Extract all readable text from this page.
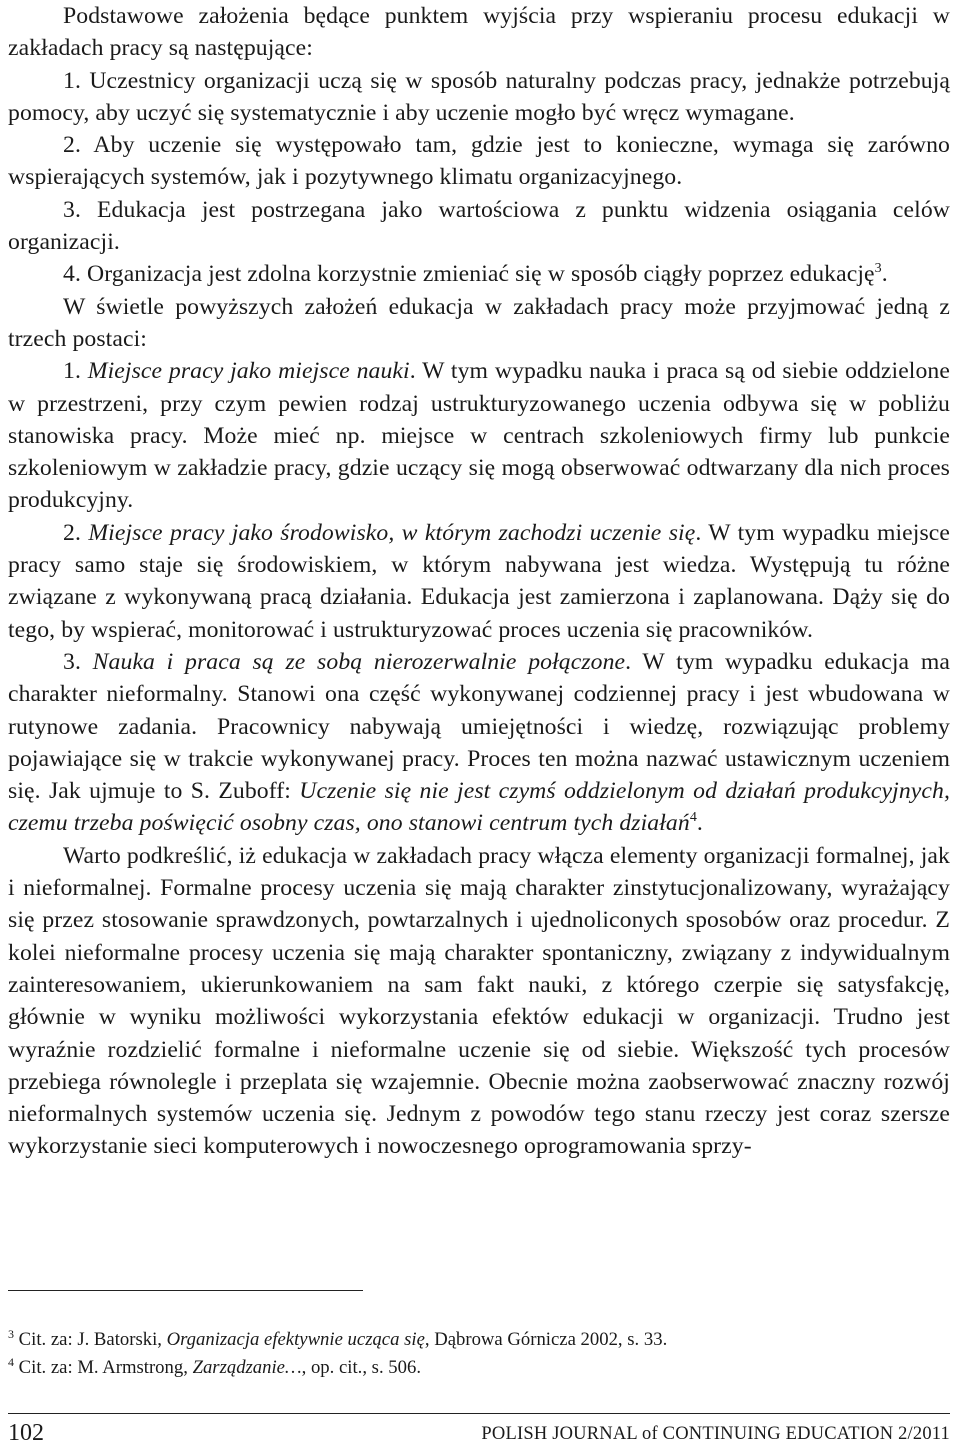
Podstawowe założenia będące punktem wyjścia przy wspieraniu procesu edukacji w zakładach pracy są następujące:

1. Uczestnicy organizacji uczą się w sposób naturalny podczas pracy, jednakże potrzebują pomocy, aby uczyć się systematycznie i aby uczenie mogło być wręcz wymagane.

2. Aby uczenie się występowało tam, gdzie jest to konieczne, wymaga się zarówno wspierających systemów, jak i pozytywnego klimatu organizacyjnego.

3. Edukacja jest postrzegana jako wartościowa z punktu widzenia osiągania celów organizacji.

4. Organizacja jest zdolna korzystnie zmieniać się w sposób ciągły poprzez edukację$^3$.

W świetle powyższych założeń edukacja w zakładach pracy może przyjmować jedną z trzech postaci:

1. Miejsce pracy jako miejsce nauki. W tym wypadku nauka i praca są od siebie oddzielone w przestrzeni, przy czym pewien rodzaj ustrukturyzowanego uczenia odbywa się w pobliżu stanowiska pracy. Może mieć np. miejsce w centrach szkoleniowych firmy lub punkcie szkoleniowym w zakładzie pracy, gdzie uczący się mogą obserwować odtwarzany dla nich proces produkcyjny.

2. Miejsce pracy jako środowisko, w którym zachodzi uczenie się. W tym wypadku miejsce pracy samo staje się środowiskiem, w którym nabywana jest wiedza. Występują tu różne związane z wykonywaną pracą działania. Edukacja jest zamierzona i zaplanowana. Dąży się do tego, by wspierać, monitorować i ustrukturyzować proces uczenia się pracowników.

3. Nauka i praca są ze sobą nierozerwalnie połączone. W tym wypadku edukacja ma charakter nieformalny. Stanowi ona część wykonywanej codziennej pracy i jest wbudowana w rutynowe zadania. Pracownicy nabywają umiejętności i wiedzę, rozwiązując problemy pojawiające się w trakcie wykonywanej pracy. Proces ten można nazwać ustawicznym uczeniem się. Jak ujmuje to S. Zuboff: Uczenie się nie jest czymś oddzielonym od działań produkcyjnych, czemu trzeba poświęcić osobny czas, ono stanowi centrum tych działań$^4$.

Warto podkreślić, iż edukacja w zakładach pracy włącza elementy organizacji formalnej, jak i nieformalnej. Formalne procesy uczenia się mają charakter zinstytucjonalizowany, wyrażający się przez stosowanie sprawdzonych, powtarzalnych i ujednoliconych sposobów oraz procedur. Z kolei nieformalne procesy uczenia się mają charakter spontaniczny, związany z indywidualnym zainteresowaniem, ukierunkowaniem na sam fakt nauki, z którego czerpie się satysfakcję, głównie w wyniku możliwości wykorzystania efektów edukacji w organizacji. Trudno jest wyraźnie rozdzielić formalne i nieformalne uczenie się od siebie. Większość tych procesów przebiega równolegle i przeplata się wzajemnie. Obecnie można zaobserwować znaczny rozwój nieformalnych systemów uczenia się. Jednym z powodów tego stanu rzeczy jest coraz szersze wykorzystanie sieci komputerowych i nowoczesnego oprogramowania sprzy-

$^3$ Cit. za: J. Batorski, Organizacja efektywnie ucząca się, Dąbrowa Górnicza 2002, s. 33.

$^4$ Cit. za: M. Armstrong, Zarządzanie…, op. cit., s. 506.

102	POLISH JOURNAL of CONTINUING EDUCATION 2/2011
